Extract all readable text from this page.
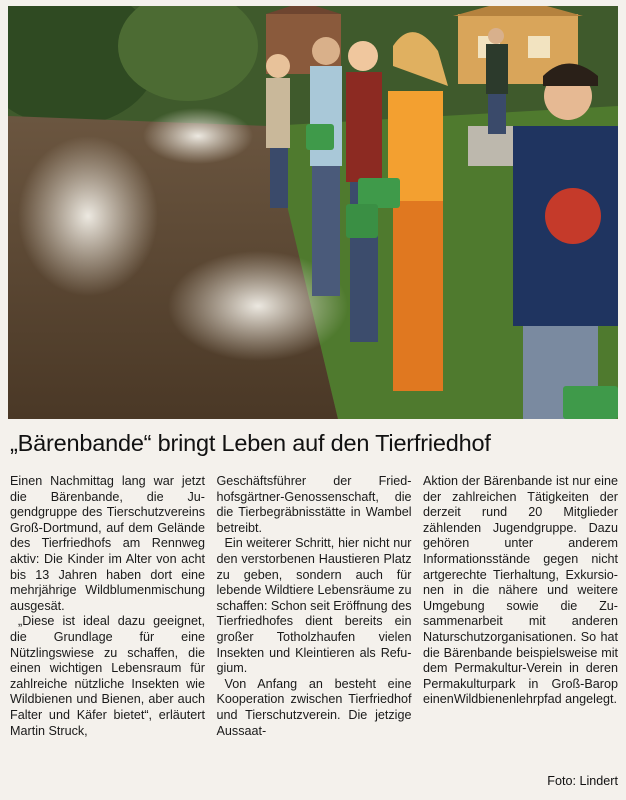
„Bärenbande“ bringt Leben auf den Tierfriedhof

Einen Nachmittag lang war jetzt die Bärenbande, die Jugendgruppe des Tierschutzvereins Groß-Dortmund, auf dem Gelände des Tierfriedhofs am Rennweg aktiv: Die Kinder im Alter von acht bis 13 Jahren haben dort eine mehrjährige Wildblumenmischung ausgesät.

„Diese ist ideal dazu geeignet, die Grundlage für eine Nützlingswiese zu schaffen, die einen wichtigen Lebensraum für zahlreiche nützliche Insekten wie Wildbienen und Bienen, aber auch Falter und Käfer bietet“, erläutert Martin Struck,

Geschäftsführer der Friedhofsgärtner-Genossenschaft, die die Tierbegräbnisstätte in Wambel betreibt.

Ein weiterer Schritt, hier nicht nur den verstorbenen Haustieren Platz zu geben, sondern auch für lebende Wildtiere Lebensräume zu schaffen: Schon seit Eröffnung des Tierfriedhofes dient bereits ein großer Totholzhaufen vielen Insekten und Kleintieren als Refugium.

Von Anfang an besteht eine Kooperation zwischen Tierfriedhof und Tierschutzverein. Die jetzige Aussaat-

Aktion der Bärenbande ist nur eine der zahlreichen Tätigkeiten der derzeit rund 20 Mitglieder zählenden Jugendgruppe. Dazu gehören unter anderem Informationsstände gegen nicht artgerechte Tierhaltung, Exkursionen in die nähere und weitere Umgebung sowie die Zusammenarbeit mit anderen Naturschutzorganisationen. So hat die Bärenbande beispielsweise mit dem Permakultur-Verein in deren Permakulturpark in Groß-Barop einenWildbienenlehrpfad angelegt.

Foto: Lindert
